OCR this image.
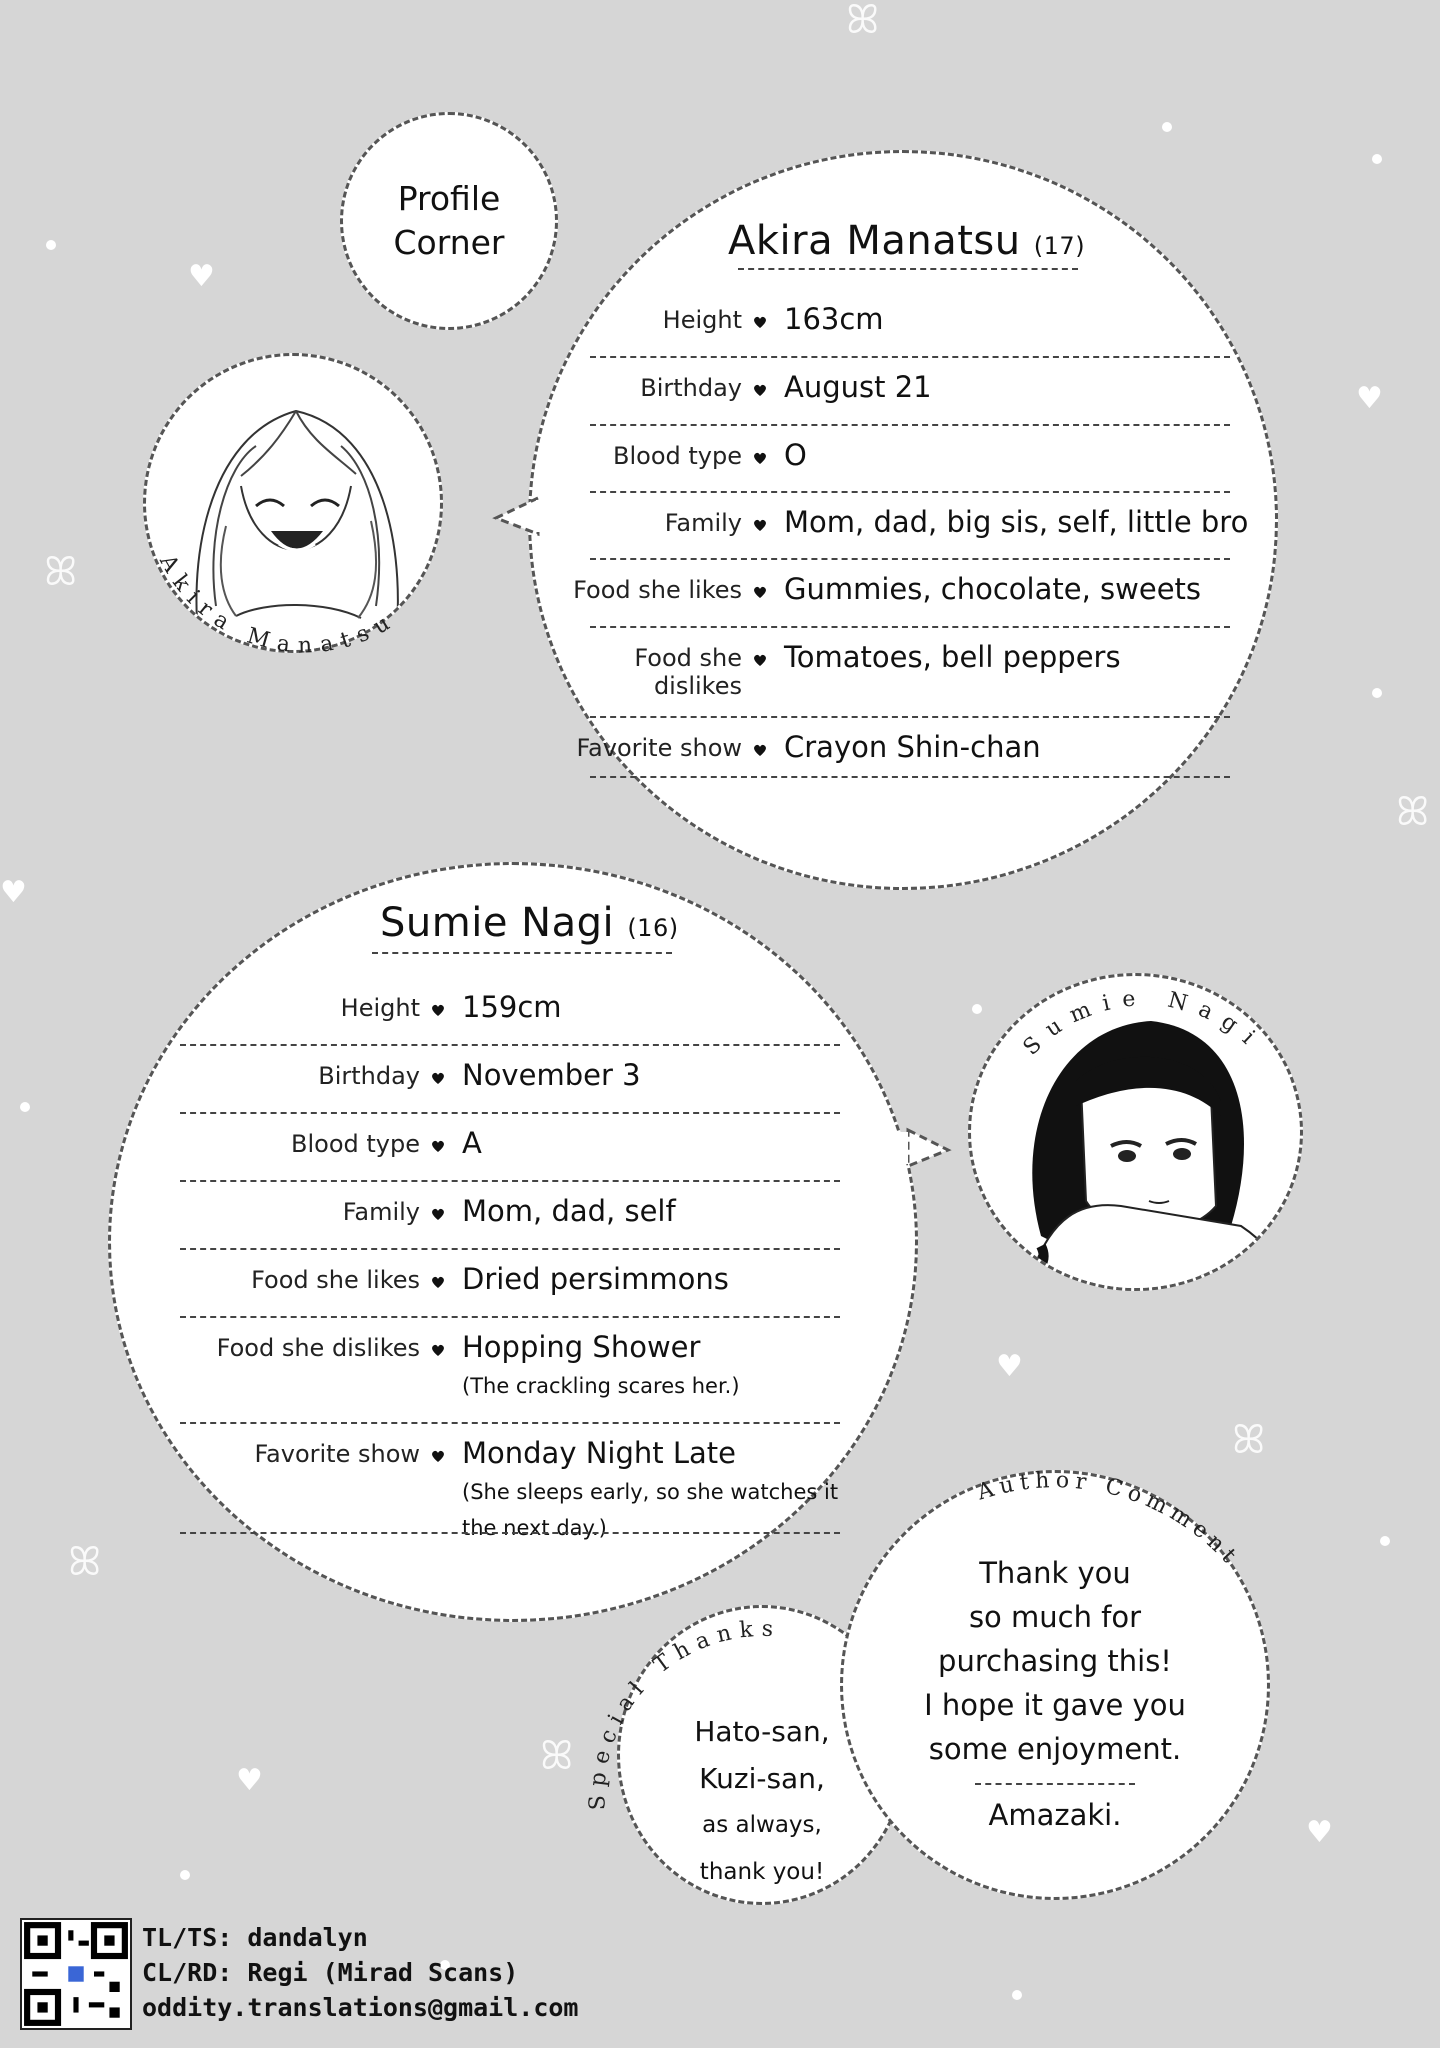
♥
♥
♥
♥
♥
♥
ꕤ
ꕤ
ꕤ
ꕤ
ꕤ
ꕤ
Profile
Corner	Akira Manatsu (17)
Height 163cm
Birthday August 21
Blood type O
Family Mom, dad, big sis, self, little bro
Food she likes Gummies, chocolate, sweets
Food she dislikes
Tomatoes, bell peppers
Favorite show Crayon Shin-chan
Akira Manatsu
Sumie Nagi (16)
Height 159cm
Birthday November 3
Blood type A
Family Mom, dad, self
Food she likes Dried persimmons
Food she dislikes Hopping Shower
(The crackling scares her.)
Favorite show Monday Night Late
(She sleeps early, so she watches it the next day.)
Sumie Nagi
Hato-san,
Kuzi-san,
as always,
thank you!
Special Thanks
Thank you
so much for
purchasing this!
I hope it gave you
some enjoyment.
Amazaki.
Author Comment
TL/TS: dandalyn
CL/RD: Regi (Mirad Scans)
oddity.translations@gmail.com
